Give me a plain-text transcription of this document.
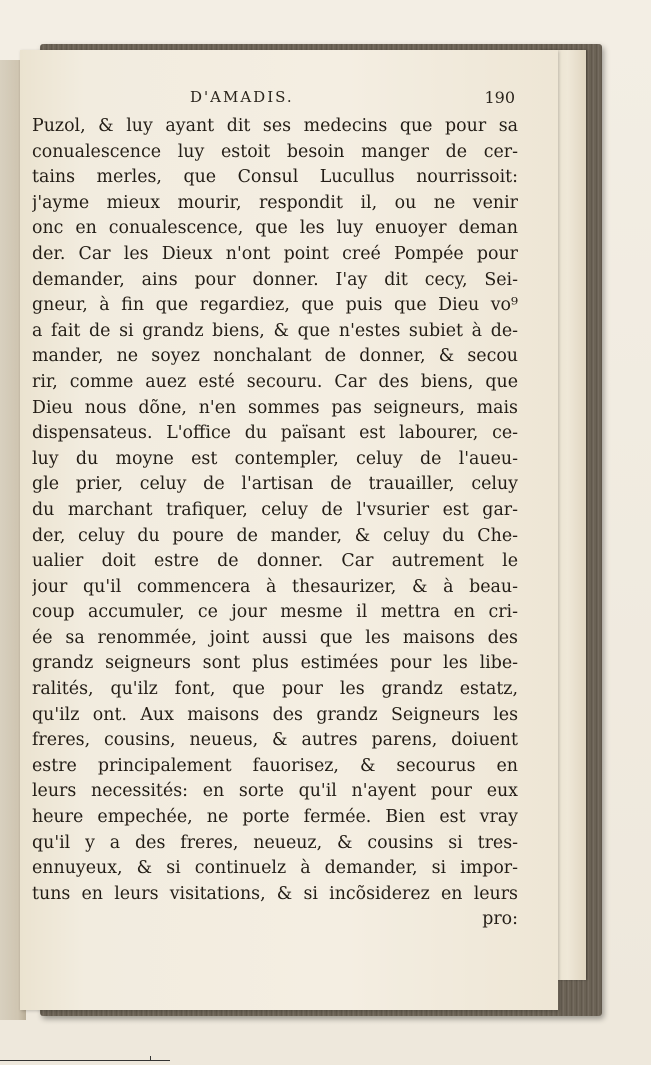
D'AMADIS.	190
Puzol, & luy ayant dit ses medecins que pour sa
conualescence luy estoit besoin manger de cer-
tains merles, que Consul Lucullus nourrissoit:
j'ayme mieux mourir, respondit il, ou ne venir
onc en conualescence, que les luy enuoyer deman
der. Car les Dieux n'ont point creé Pompée pour
demander, ains pour donner. I'ay dit cecy, Sei-
gneur, à fin que regardiez, que puis que Dieu vo⁹
a fait de si grandz biens, & que n'estes subiet à de-
mander, ne soyez nonchalant de donner, & secou
rir, comme auez esté secouru. Car des biens, que
Dieu nous dõne, n'en sommes pas seigneurs, mais
dispensateus. L'office du païsant est labourer, ce-
luy du moyne est contempler, celuy de l'aueu-
gle prier, celuy de l'artisan de trauailler, celuy
du marchant trafiquer, celuy de l'vsurier est gar-
der, celuy du poure de mander, & celuy du Che-
ualier doit estre de donner. Car autrement le
jour qu'il commencera à thesaurizer, & à beau-
coup accumuler, ce jour mesme il mettra en cri-
ée sa renommée, joint aussi que les maisons des
grandz seigneurs sont plus estimées pour les libe-
ralités, qu'ilz font, que pour les grandz estatz,
qu'ilz ont. Aux maisons des grandz Seigneurs les
freres, cousins, neueus, & autres parens, doiuent
estre principalement fauorisez, & secourus en
leurs necessités: en sorte qu'il n'ayent pour eux
heure empechée, ne porte fermée. Bien est vray
qu'il y a des freres, neueuz, & cousins si tres-
ennuyeux, & si continuelz à demander, si impor-
tuns en leurs visitations, & si incõsiderez en leurs
pro:
